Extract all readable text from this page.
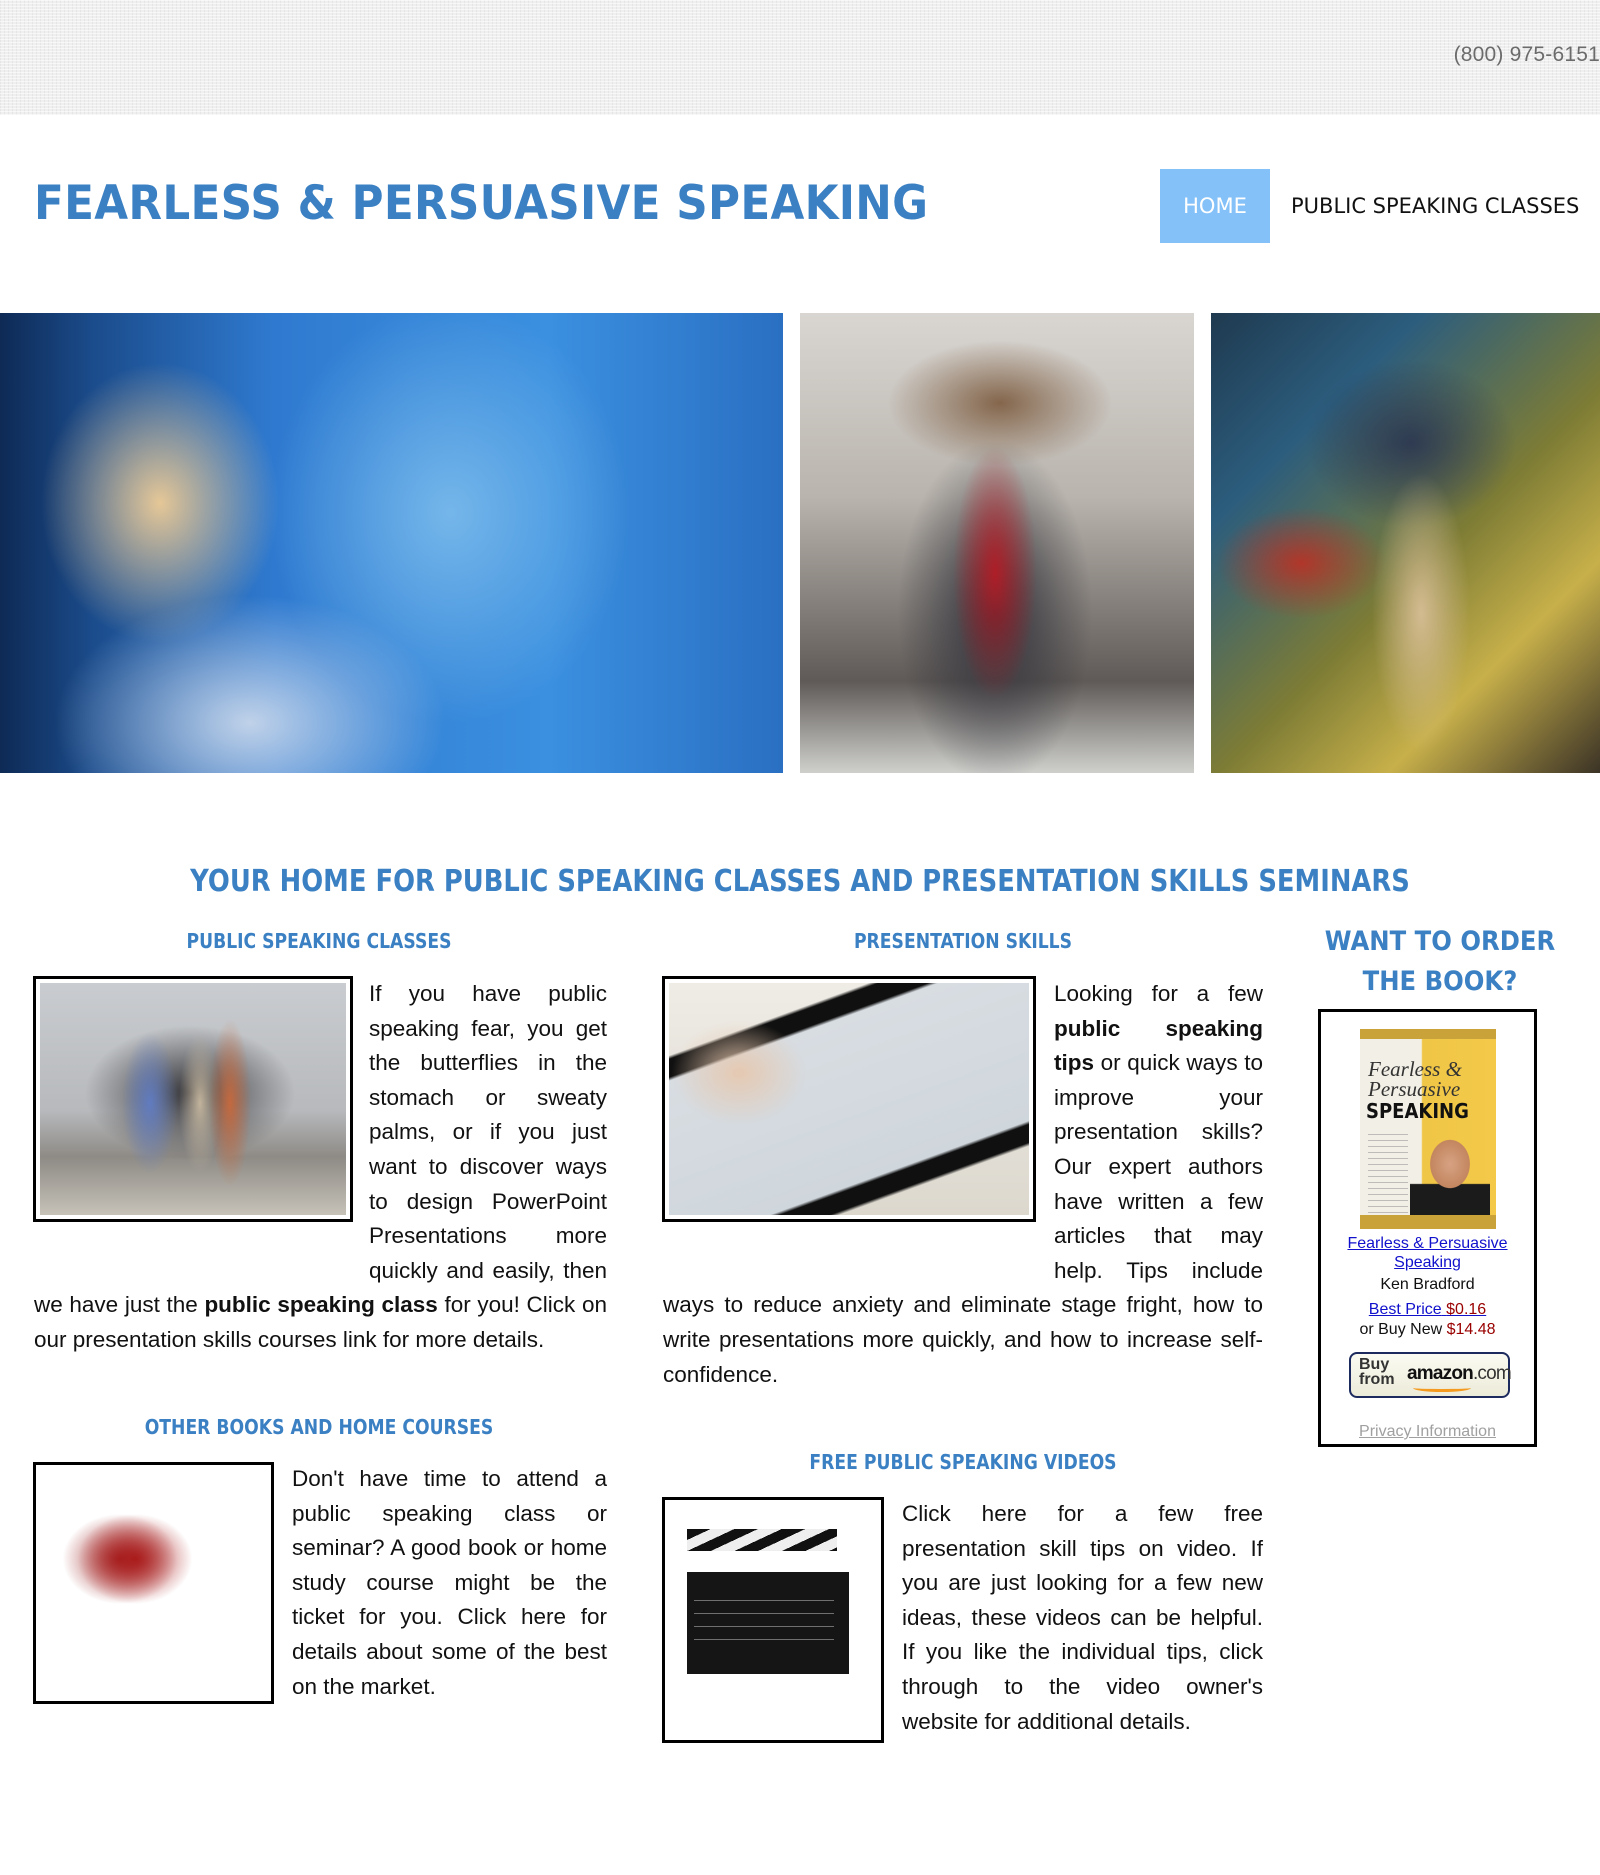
(800) 975-6151
FEARLESS & PERSUASIVE SPEAKING	HOME	PUBLIC SPEAKING CLASSES
YOUR HOME FOR PUBLIC SPEAKING CLASSES AND PRESENTATION SKILLS SEMINARS
PUBLIC SPEAKING CLASSES
If you have public speaking fear, you get the butterflies in the stomach or sweaty palms, or if you just want to discover ways to design PowerPoint Presentations more quickly and easily, then we have just the public speaking class for you! Click on our presentation skills courses link for more details.
PRESENTATION SKILLS
Looking for a few public speaking tips or quick ways to improve your presentation skills? Our expert authors have written a few articles that may help. Tips include ways to reduce anxiety and eliminate stage fright, how to write presentations more quickly, and how to increase self-confidence.
OTHER BOOKS AND HOME COURSES
Don't have time to attend a public speaking class or seminar? A good book or home study course might be the ticket for you. Click here for details about some of the best on the market.
FREE PUBLIC SPEAKING VIDEOS
Click here for a few free presentation skill tips on video. If you are just looking for a few new ideas, these videos can be helpful. If you like the individual tips, click through to the video owner's website for additional details.
WANT TO ORDER THE BOOK?
Fearless &
Persuasive
SPEAKING
Fearless & Persuasive Speaking
Ken Bradford
Best Price $0.16
or Buy New $14.48
Buy
from amazon.com
Privacy Information
